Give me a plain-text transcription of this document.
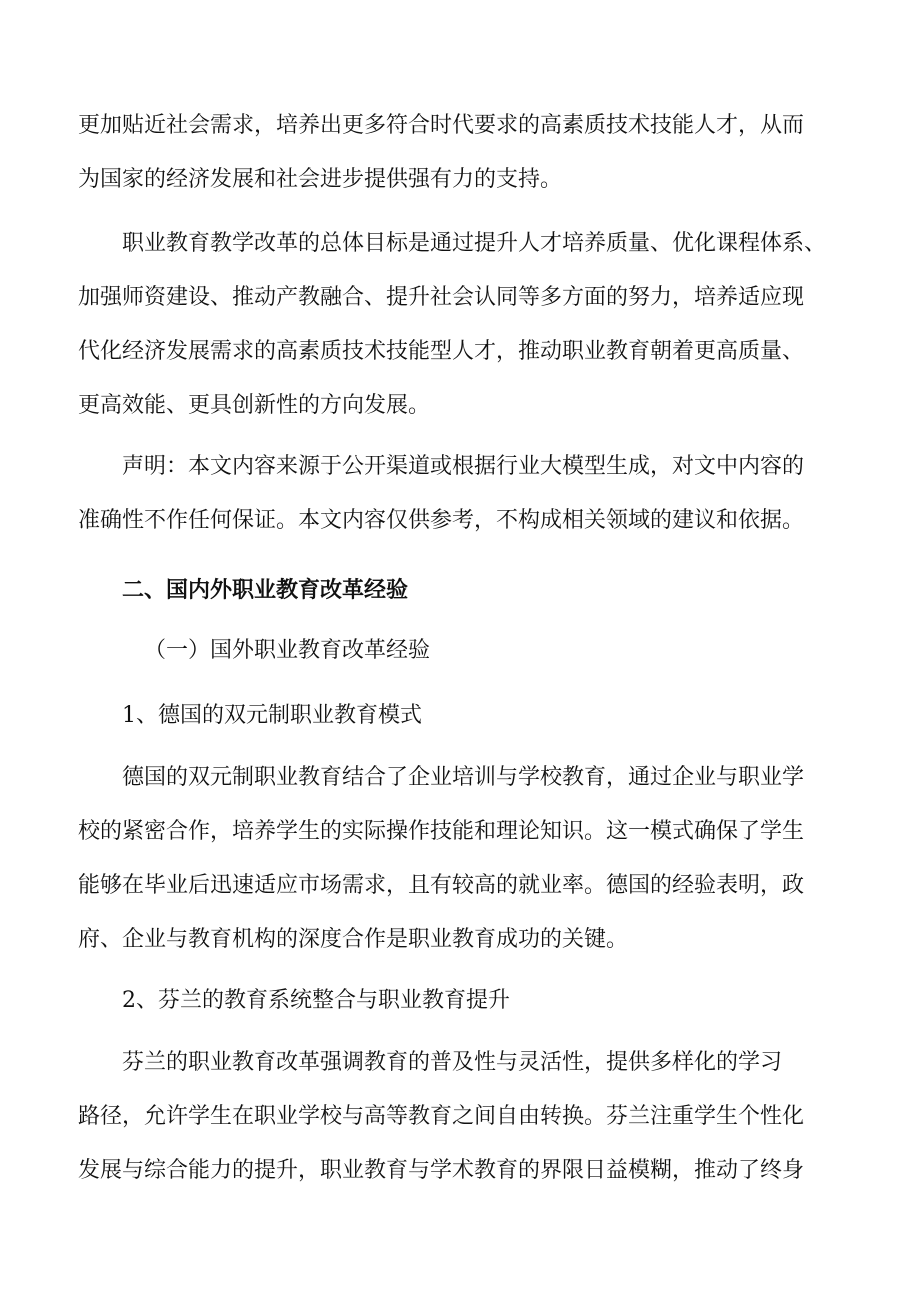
更加贴近社会需求，培养出更多符合时代要求的高素质技术技能人才，从而
为国家的经济发展和社会进步提供强有力的支持。
职业教育教学改革的总体目标是通过提升人才培养质量、优化课程体系、
加强师资建设、推动产教融合、提升社会认同等多方面的努力，培养适应现
代化经济发展需求的高素质技术技能型人才，推动职业教育朝着更高质量、
更高效能、更具创新性的方向发展。
声明：本文内容来源于公开渠道或根据行业大模型生成，对文中内容的
准确性不作任何保证。本文内容仅供参考，不构成相关领域的建议和依据。
二、国内外职业教育改革经验
（一）国外职业教育改革经验
1、德国的双元制职业教育模式
德国的双元制职业教育结合了企业培训与学校教育，通过企业与职业学
校的紧密合作，培养学生的实际操作技能和理论知识。这一模式确保了学生
能够在毕业后迅速适应市场需求，且有较高的就业率。德国的经验表明，政
府、企业与教育机构的深度合作是职业教育成功的关键。
2、芬兰的教育系统整合与职业教育提升
芬兰的职业教育改革强调教育的普及性与灵活性，提供多样化的学习
路径，允许学生在职业学校与高等教育之间自由转换。芬兰注重学生个性化
发展与综合能力的提升，职业教育与学术教育的界限日益模糊，推动了终身
